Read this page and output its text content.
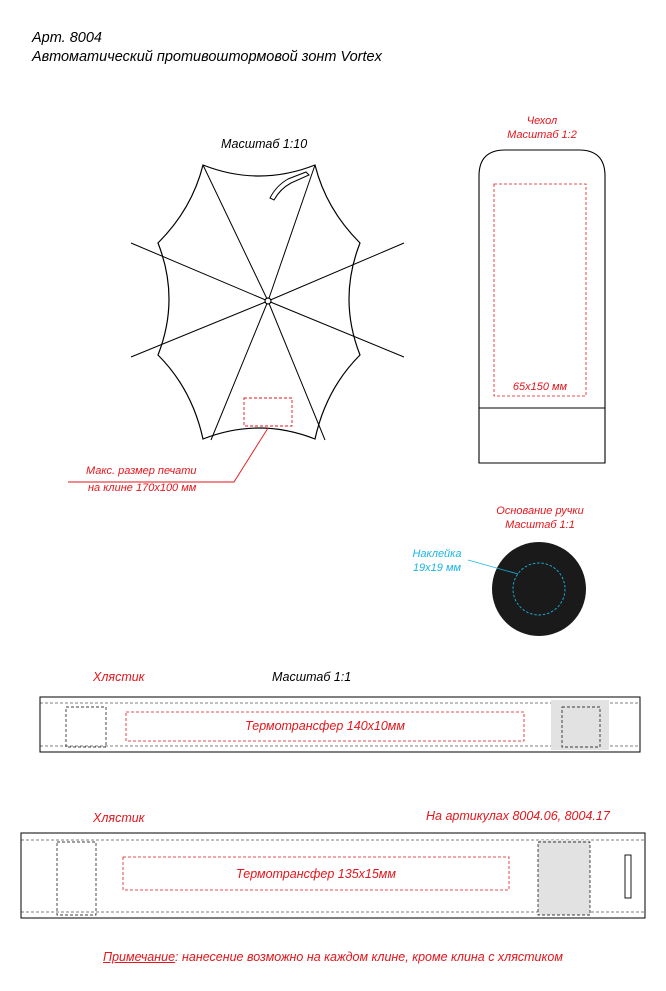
Арт. 8004
Автоматический противоштормовой зонт Vortex
Масштаб 1:10
Макс. размер печати
на клине 170х100 мм
Чехол
Масштаб 1:2
65х150 мм
Основание ручки
Масштаб 1:1
Наклейка
19х19 мм
Хлястик	Масштаб 1:1
Термотрансфер 140х10мм
Хлястик	На артикулах 8004.06, 8004.17
Термотрансфер 135х15мм
Примечание: нанесение возможно на каждом клине, кроме клина с хлястиком
